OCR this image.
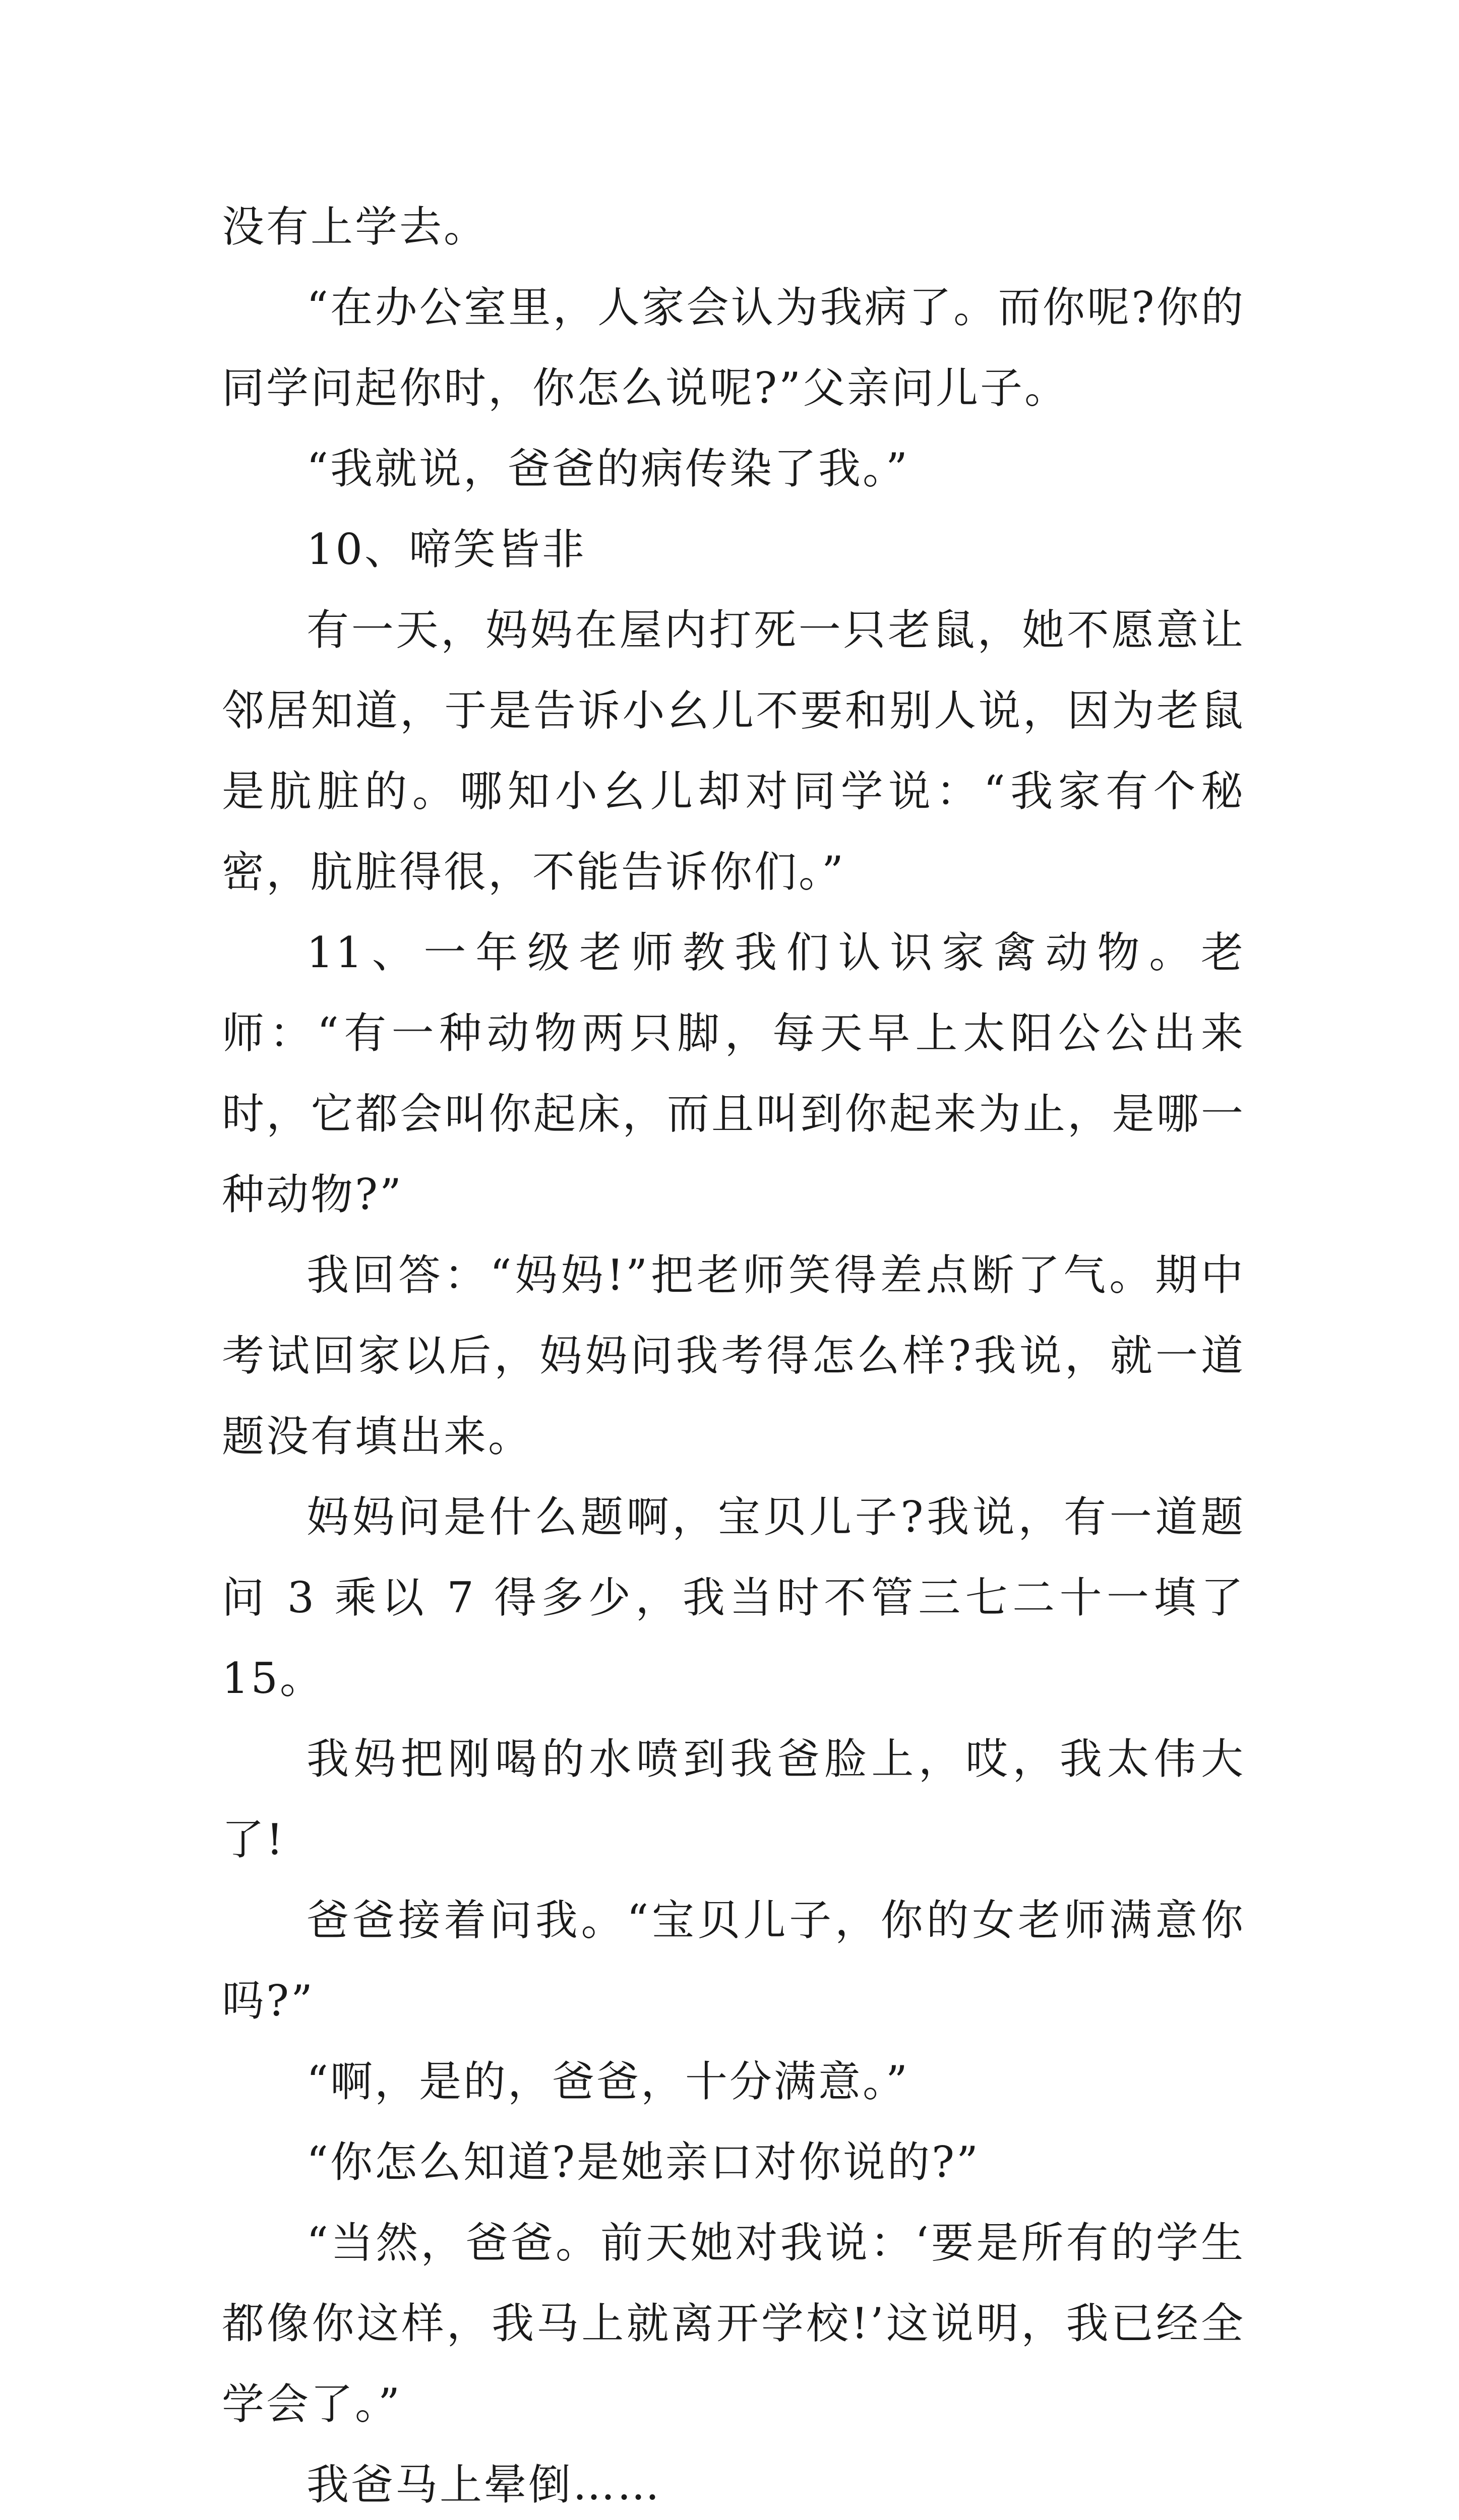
没有上学去。

“在办公室里，人家会认为我病了。而你呢?你的同学问起你时，你怎么说呢?”父亲问儿子。

“我就说，爸爸的病传染了我。”

10、啼笑皆非

有一天，妈妈在屋内打死一只老鼠，她不愿意让邻居知道，于是告诉小幺儿不要和别人说，因为老鼠是肮脏的。哪知小幺儿却对同学说：“我家有个秘密，肮脏得很，不能告诉你们。”

11、一年级老师教我们认识家禽动物。老师：“有一种动物两只脚，每天早上太阳公公出来时，它都会叫你起床，而且叫到你起来为止，是哪一种动物?”

我回答：“妈妈!”把老师笑得差点断了气。期中考试回家以后，妈妈问我考得怎么样?我说，就一道题没有填出来。

妈妈问是什么题啊，宝贝儿子?我说，有一道题问 3 乘以 7 得多少，我当时不管三七二十一填了 15。

我妈把刚喝的水喷到我爸脸上，哎，我太伟大了!

爸爸接着问我。“宝贝儿子，你的女老师满意你吗?”

“啊，是的，爸爸，十分满意。”

“你怎么知道?是她亲口对你说的?”

“当然，爸爸。前天她对我说：‘要是所有的学生都像你这样，我马上就离开学校!’这说明，我已经全学会了。”

我爸马上晕倒……
